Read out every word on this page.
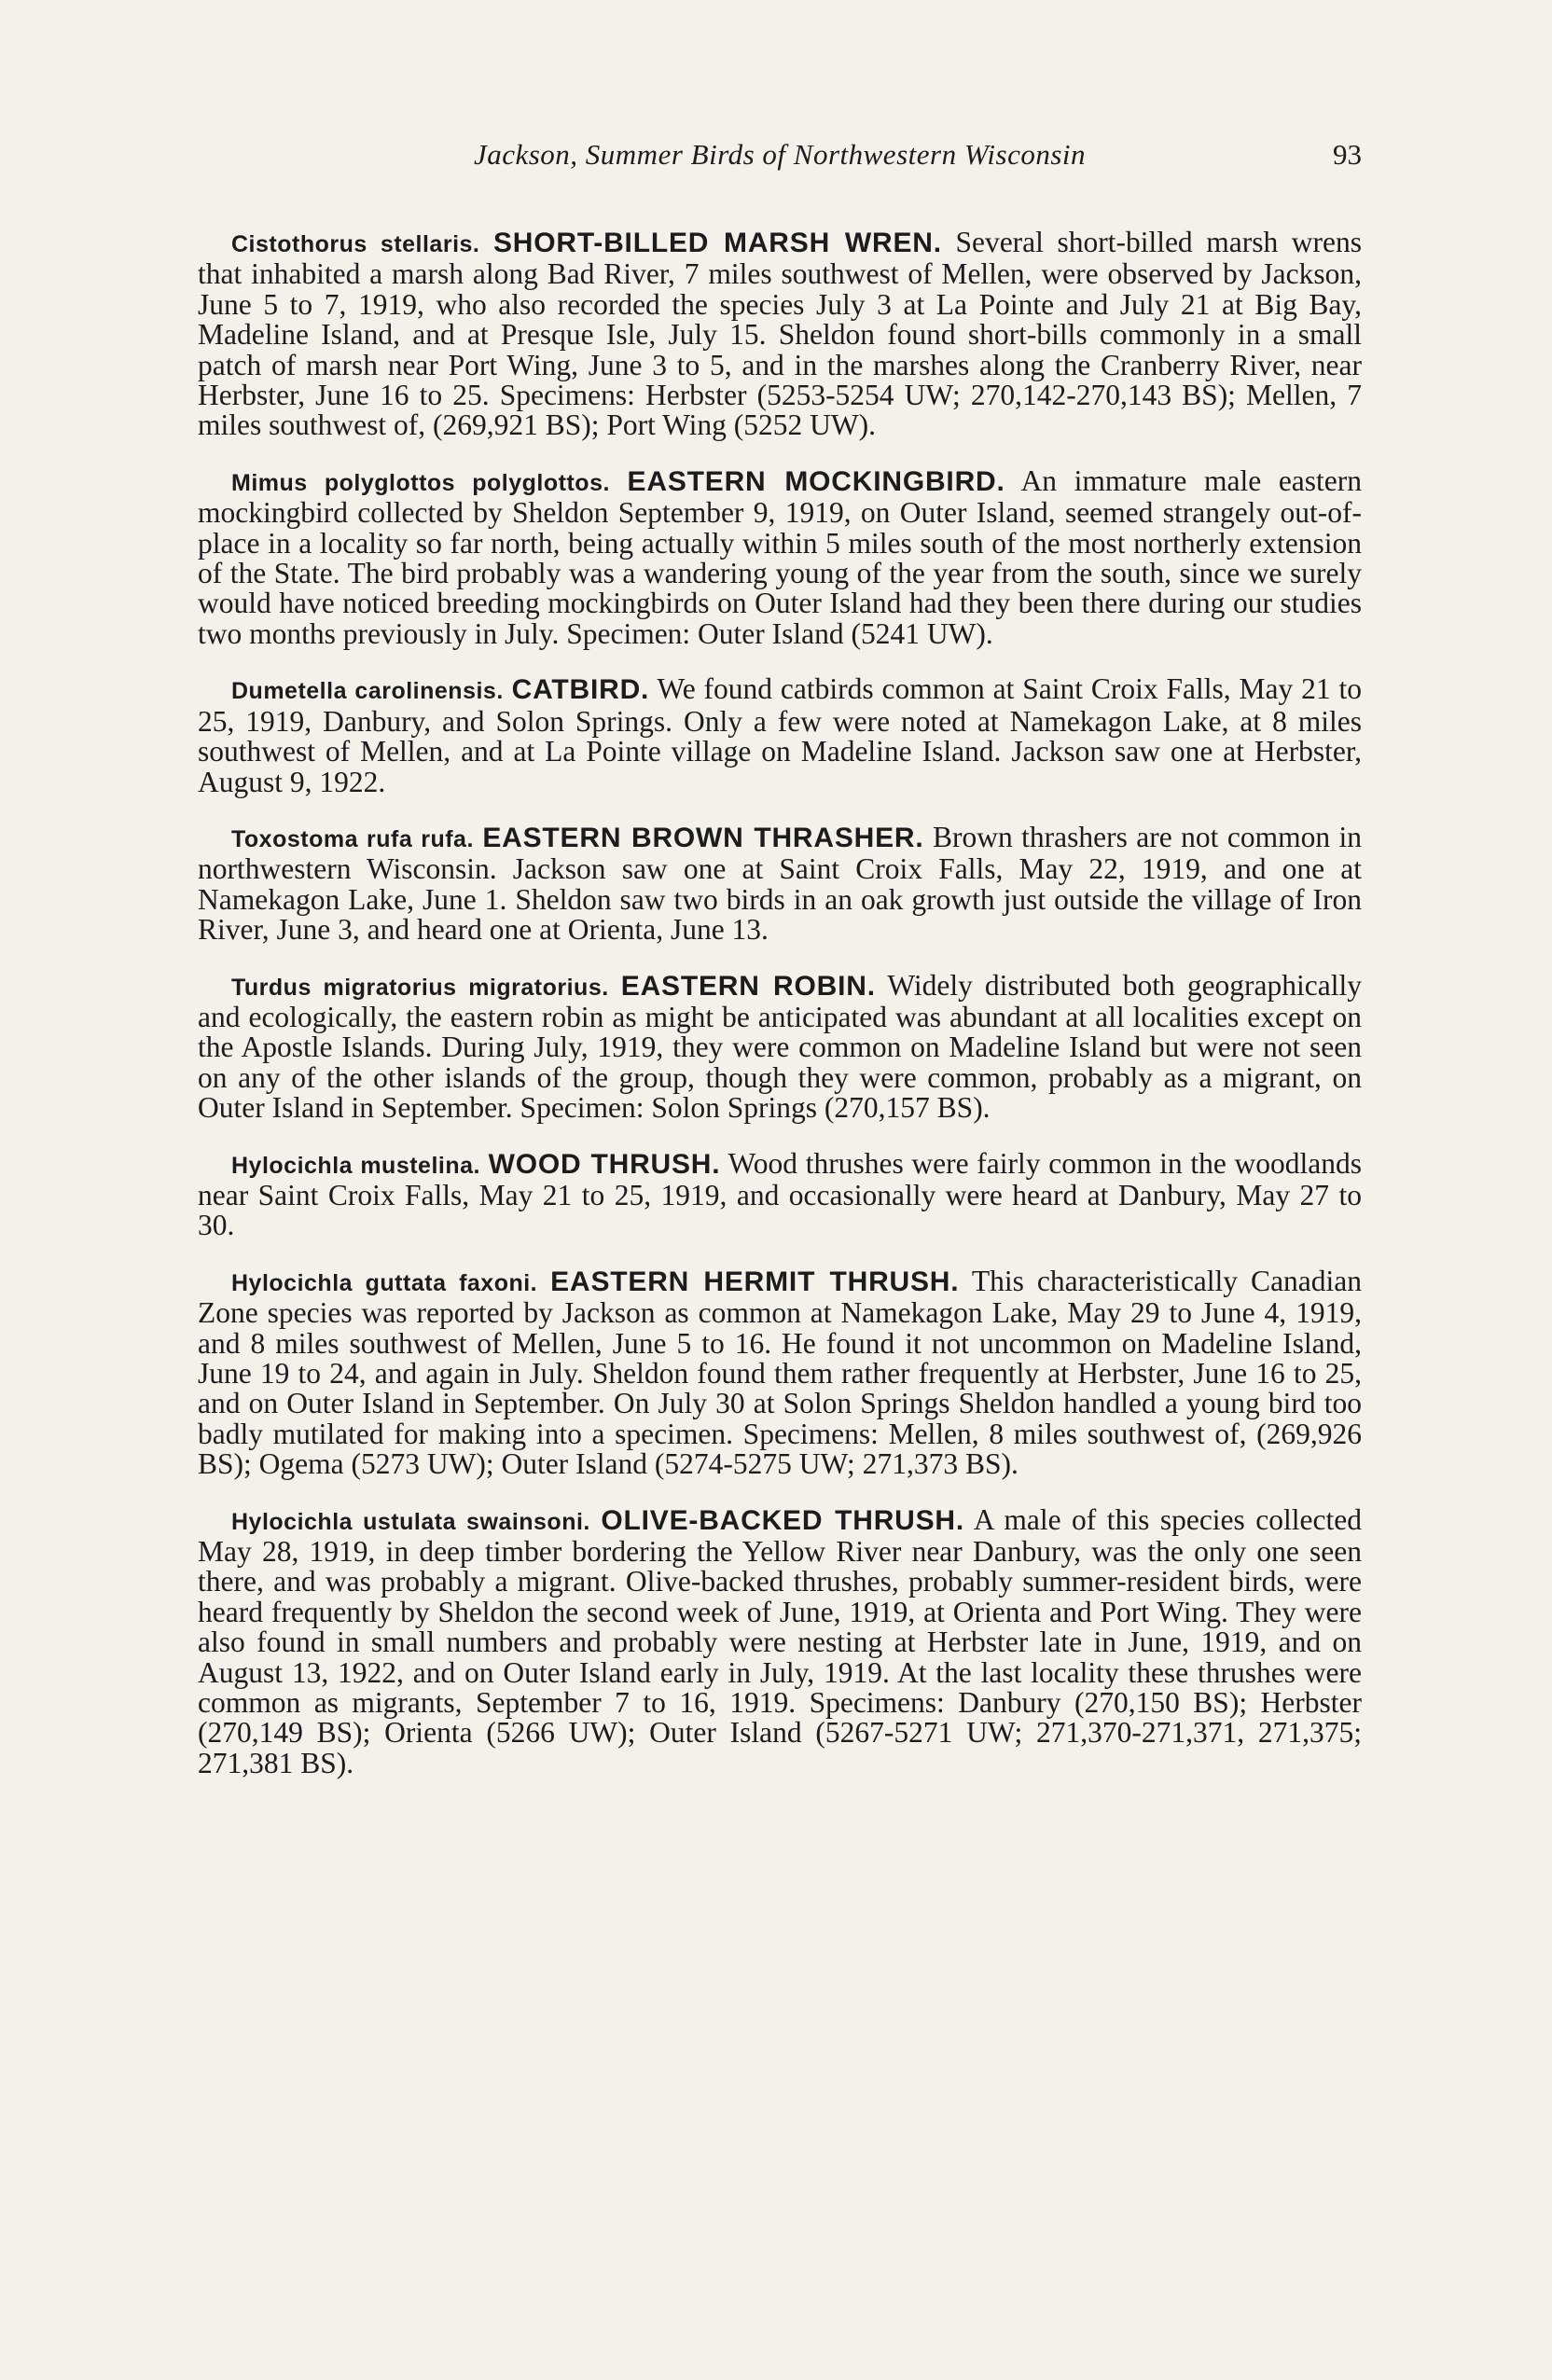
Jackson, Summer Birds of Northwestern Wisconsin	93

Cistothorus stellaris. SHORT-BILLED MARSH WREN. Several short-billed marsh wrens that inhabited a marsh along Bad River, 7 miles southwest of Mellen, were observed by Jackson, June 5 to 7, 1919, who also recorded the species July 3 at La Pointe and July 21 at Big Bay, Madeline Island, and at Presque Isle, July 15. Sheldon found short-bills commonly in a small patch of marsh near Port Wing, June 3 to 5, and in the marshes along the Cranberry River, near Herbster, June 16 to 25. Specimens: Herbster (5253-5254 UW; 270,142-270,143 BS); Mellen, 7 miles southwest of, (269,921 BS); Port Wing (5252 UW).

Mimus polyglottos polyglottos. EASTERN MOCKINGBIRD. An immature male eastern mockingbird collected by Sheldon September 9, 1919, on Outer Island, seemed strangely out-of-place in a locality so far north, being actually within 5 miles south of the most northerly extension of the State. The bird probably was a wandering young of the year from the south, since we surely would have noticed breeding mockingbirds on Outer Island had they been there during our studies two months previously in July. Specimen: Outer Island (5241 UW).

Dumetella carolinensis. CATBIRD. We found catbirds common at Saint Croix Falls, May 21 to 25, 1919, Danbury, and Solon Springs. Only a few were noted at Namekagon Lake, at 8 miles southwest of Mellen, and at La Pointe village on Madeline Island. Jackson saw one at Herbster, August 9, 1922.

Toxostoma rufa rufa. EASTERN BROWN THRASHER. Brown thrashers are not common in northwestern Wisconsin. Jackson saw one at Saint Croix Falls, May 22, 1919, and one at Namekagon Lake, June 1. Sheldon saw two birds in an oak growth just outside the village of Iron River, June 3, and heard one at Orienta, June 13.

Turdus migratorius migratorius. EASTERN ROBIN. Widely distributed both geographically and ecologically, the eastern robin as might be anticipated was abundant at all localities except on the Apostle Islands. During July, 1919, they were common on Madeline Island but were not seen on any of the other islands of the group, though they were common, probably as a migrant, on Outer Island in September. Specimen: Solon Springs (270,157 BS).

Hylocichla mustelina. WOOD THRUSH. Wood thrushes were fairly common in the woodlands near Saint Croix Falls, May 21 to 25, 1919, and occasionally were heard at Danbury, May 27 to 30.

Hylocichla guttata faxoni. EASTERN HERMIT THRUSH. This characteristically Canadian Zone species was reported by Jackson as common at Namekagon Lake, May 29 to June 4, 1919, and 8 miles southwest of Mellen, June 5 to 16. He found it not uncommon on Madeline Island, June 19 to 24, and again in July. Sheldon found them rather frequently at Herbster, June 16 to 25, and on Outer Island in September. On July 30 at Solon Springs Sheldon handled a young bird too badly mutilated for making into a specimen. Specimens: Mellen, 8 miles southwest of, (269,926 BS); Ogema (5273 UW); Outer Island (5274-5275 UW; 271,373 BS).

Hylocichla ustulata swainsoni. OLIVE-BACKED THRUSH. A male of this species collected May 28, 1919, in deep timber bordering the Yellow River near Danbury, was the only one seen there, and was probably a migrant. Olive-backed thrushes, probably summer-resident birds, were heard frequently by Sheldon the second week of June, 1919, at Orienta and Port Wing. They were also found in small numbers and probably were nesting at Herbster late in June, 1919, and on August 13, 1922, and on Outer Island early in July, 1919. At the last locality these thrushes were common as migrants, September 7 to 16, 1919. Specimens: Danbury (270,150 BS); Herbster (270,149 BS); Orienta (5266 UW); Outer Island (5267-5271 UW; 271,370-271,371, 271,375; 271,381 BS).
